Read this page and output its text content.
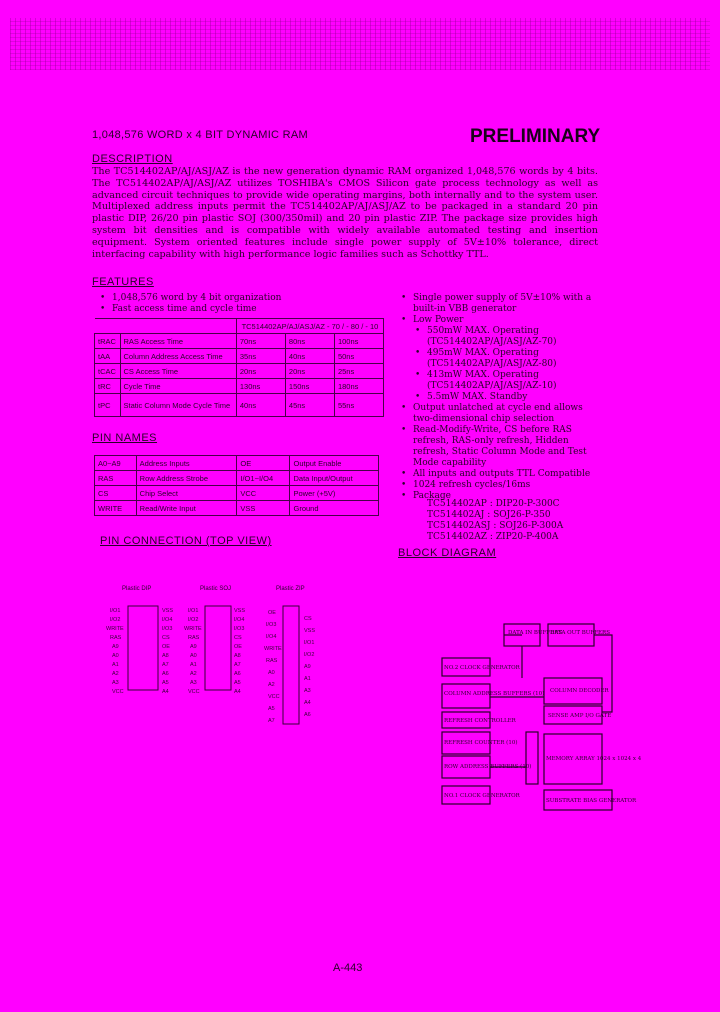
1,048,576 WORD x 4 BIT DYNAMIC RAM	PRELIMINARY
DESCRIPTION
The TC514402AP/AJ/ASJ/AZ is the new generation dynamic RAM organized 1,048,576 words by 4 bits. The TC514402AP/AJ/ASJ/AZ utilizes TOSHIBA's CMOS Silicon gate process technology as well as advanced circuit techniques to provide wide operating margins, both internally and to the system user. Multiplexed address inputs permit the TC514402AP/AJ/ASJ/AZ to be packaged in a standard 20 pin plastic DIP, 26/20 pin plastic SOJ (300/350mil) and 20 pin plastic ZIP. The package size provides high system bit densities and is compatible with widely available automated testing and insertion equipment. System oriented features include single power supply of 5V±10% tolerance, direct interfacing capability with high performance logic families such as Schottky TTL.
FEATURES
• 1,048,576 word by 4 bit organization
• Fast access time and cycle time
		TC514402AP/AJ/ASJ/AZ - 70 / - 80 / - 10		
tRAC	RAS Access Time	70ns	80ns	100ns
tAA	Column Address Access Time	35ns	40ns	50ns
tCAC	CS Access Time	20ns	20ns	25ns
tRC	Cycle Time	130ns	150ns	180ns
tPC	Static Column Mode Cycle Time	40ns	45ns	55ns
• Single power supply of 5V±10% with a built-in VBB generator
• Low Power
• 550mW MAX. Operating (TC514402AP/AJ/ASJ/AZ-70)
• 495mW MAX. Operating (TC514402AP/AJ/ASJ/AZ-80)
• 413mW MAX. Operating (TC514402AP/AJ/ASJ/AZ-10)
• 5.5mW MAX. Standby
• Output unlatched at cycle end allows two-dimensional chip selection
• Read-Modify-Write, CS before RAS refresh, RAS-only refresh, Hidden refresh, Static Column Mode and Test Mode capability
• All inputs and outputs TTL Compatible
• 1024 refresh cycles/16ms
• Package
TC514402AP : DIP20-P-300C
TC514402AJ : SOJ26-P-350
TC514402ASJ : SOJ26-P-300A
TC514402AZ : ZIP20-P-400A
PIN NAMES
A0~A9	Address Inputs	OE	Output Enable
RAS	Row Address Strobe	I/O1~I/O4	Data Input/Output
CS	Chip Select	VCC	Power (+5V)
WRITE	Read/Write Input	VSS	Ground
PIN CONNECTION (TOP VIEW)
Plastic DIP	Plastic SOJ	Plastic ZIP
I/O1
I/O2
WRITE
RAS
A9
A0
A1
A2
A3
VCC
VSS
I/O4
I/O3
CS
OE
A8
A7
A6
A5
A4
I/O1
I/O2
WRITE
RAS
A9
A0
A1
A2
A3
VCC
VSS
I/O4
I/O3
CS
OE
A8
A7
A6
A5
A4
OE
I/O3
I/O4
WRITE
RAS
A0
A2
VCC
A5
A7
CS
VSS
I/O1
I/O2
A9
A1
A3
A4
A6
BLOCK DIAGRAM
DATA IN BUFFERS
DATA OUT BUFFERS
NO.2 CLOCK GENERATOR
COLUMN ADDRESS BUFFERS (10)
REFRESH CONTROLLER
REFRESH COUNTER (10)
ROW ADDRESS BUFFERS (10)
NO.1 CLOCK GENERATOR
COLUMN DECODER
SENSE AMP I/O GATE
MEMORY ARRAY 1024 x 1024 x 4
SUBSTRATE BIAS GENERATOR
A-443
